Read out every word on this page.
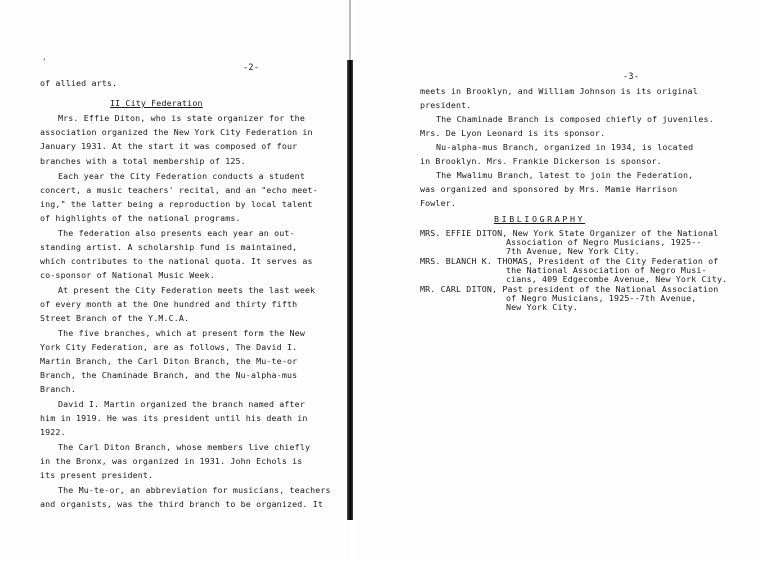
’
-2-
of allied arts.
II City Federation
Mrs. Effie Diton, who is state organizer for the
association organized the New York City Federation in
January 1931. At the start it was composed of four
branches with a total membership of 125.
Each year the City Federation conducts a student
concert, a music teachers' recital, and an "echo meet-
ing," the latter being a reproduction by local talent
of highlights of the national programs.
The federation also presents each year an out-
standing artist. A scholarship fund is maintained,
which contributes to the national quota. It serves as
co-sponsor of National Music Week.
At present the City Federation meets the last week
of every month at the One hundred and thirty fifth
Street Branch of the Y.M.C.A.
The five branches, which at present form the New
York City Federation, are as follows, The David I.
Martin Branch, the Carl Diton Branch, the Mu-te-or
Branch, the Chaminade Branch, and the Nu-alpha-mus
Branch.
David I. Martin organized the branch named after
him in 1919. He was its president until his death in
1922.
The Carl Diton Branch, whose members live chiefly
in the Bronx, was organized in 1931. John Echols is
its present president.
The Mu-te-or, an abbreviation for musicians, teachers
and organists, was the third branch to be organized. It
-3-
meets in Brooklyn, and William Johnson is its original
president.
The Chaminade Branch is composed chiefly of juveniles.
Mrs. De Lyon Leonard is its sponsor.
Nu-alpha-mus Branch, organized in 1934, is located
in Brooklyn. Mrs. Frankie Dickerson is sponsor.
The Mwalimu Branch, latest to join the Federation,
was organized and sponsored by Mrs. Mamie Harrison
Fowler.
BIBLIOGRAPHY
MRS. EFFIE DITON, New York State Organizer of the National
Association of Negro Musicians, 1925--
7th Avenue, New York City.
MRS. BLANCH K. THOMAS, President of the City Federation of
the National Association of Negro Musi-
cians, 409 Edgecombe Avenue, New York City.
MR. CARL DITON, Past president of the National Association
of Negro Musicians, 1925--7th Avenue,
New York City.
